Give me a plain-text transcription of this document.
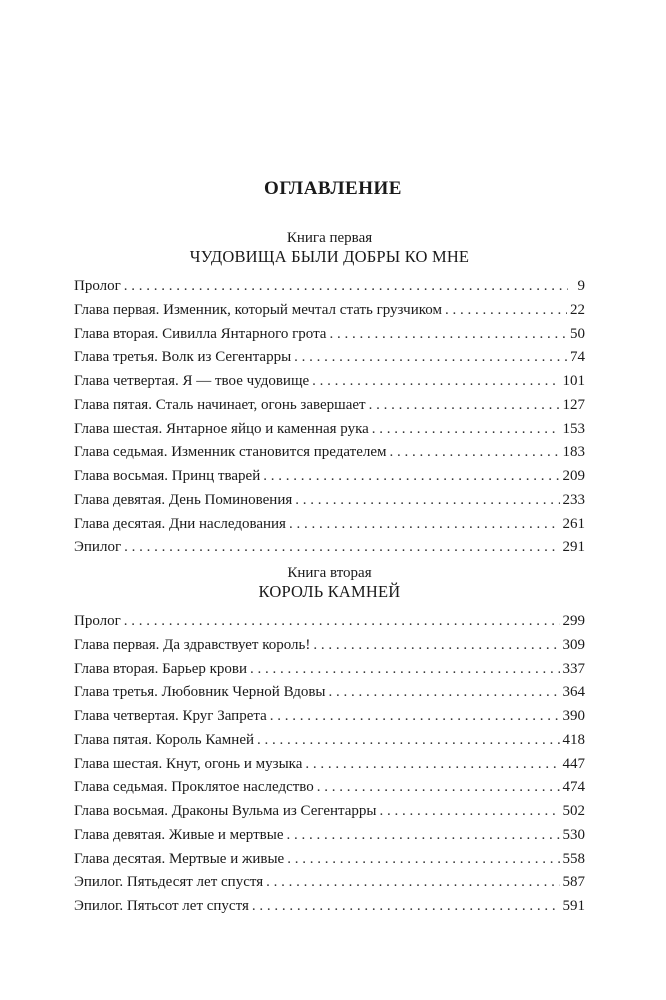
ОГЛАВЛЕНИЕ
Книга первая
ЧУДОВИЩА БЫЛИ ДОБРЫ КО МНЕ
Пролог . . .	9
Глава первая. Изменник, который мечтал стать грузчиком . . .	22
Глава вторая. Сивилла Янтарного грота . . .	50
Глава третья. Волк из Сегентарры . . .	74
Глава четвертая. Я — твое чудовище . . .	101
Глава пятая. Сталь начинает, огонь завершает . . .	127
Глава шестая. Янтарное яйцо и каменная рука . . .	153
Глава седьмая. Изменник становится предателем . . .	183
Глава восьмая. Принц тварей . . .	209
Глава девятая. День Поминовения . . .	233
Глава десятая. Дни наследования . . .	261
Эпилог . . .	291
Книга вторая
КОРОЛЬ КАМНЕЙ
Пролог . . .	299
Глава первая. Да здравствует король! . . .	309
Глава вторая. Барьер крови . . .	337
Глава третья. Любовник Черной Вдовы . . .	364
Глава четвертая. Круг Запрета . . .	390
Глава пятая. Король Камней . . .	418
Глава шестая. Кнут, огонь и музыка . . .	447
Глава седьмая. Проклятое наследство . . .	474
Глава восьмая. Драконы Вульма из Сегентарры . . .	502
Глава девятая. Живые и мертвые . . .	530
Глава десятая. Мертвые и живые . . .	558
Эпилог. Пятьдесят лет спустя . . .	587
Эпилог. Пятьсот лет спустя . . .	591
